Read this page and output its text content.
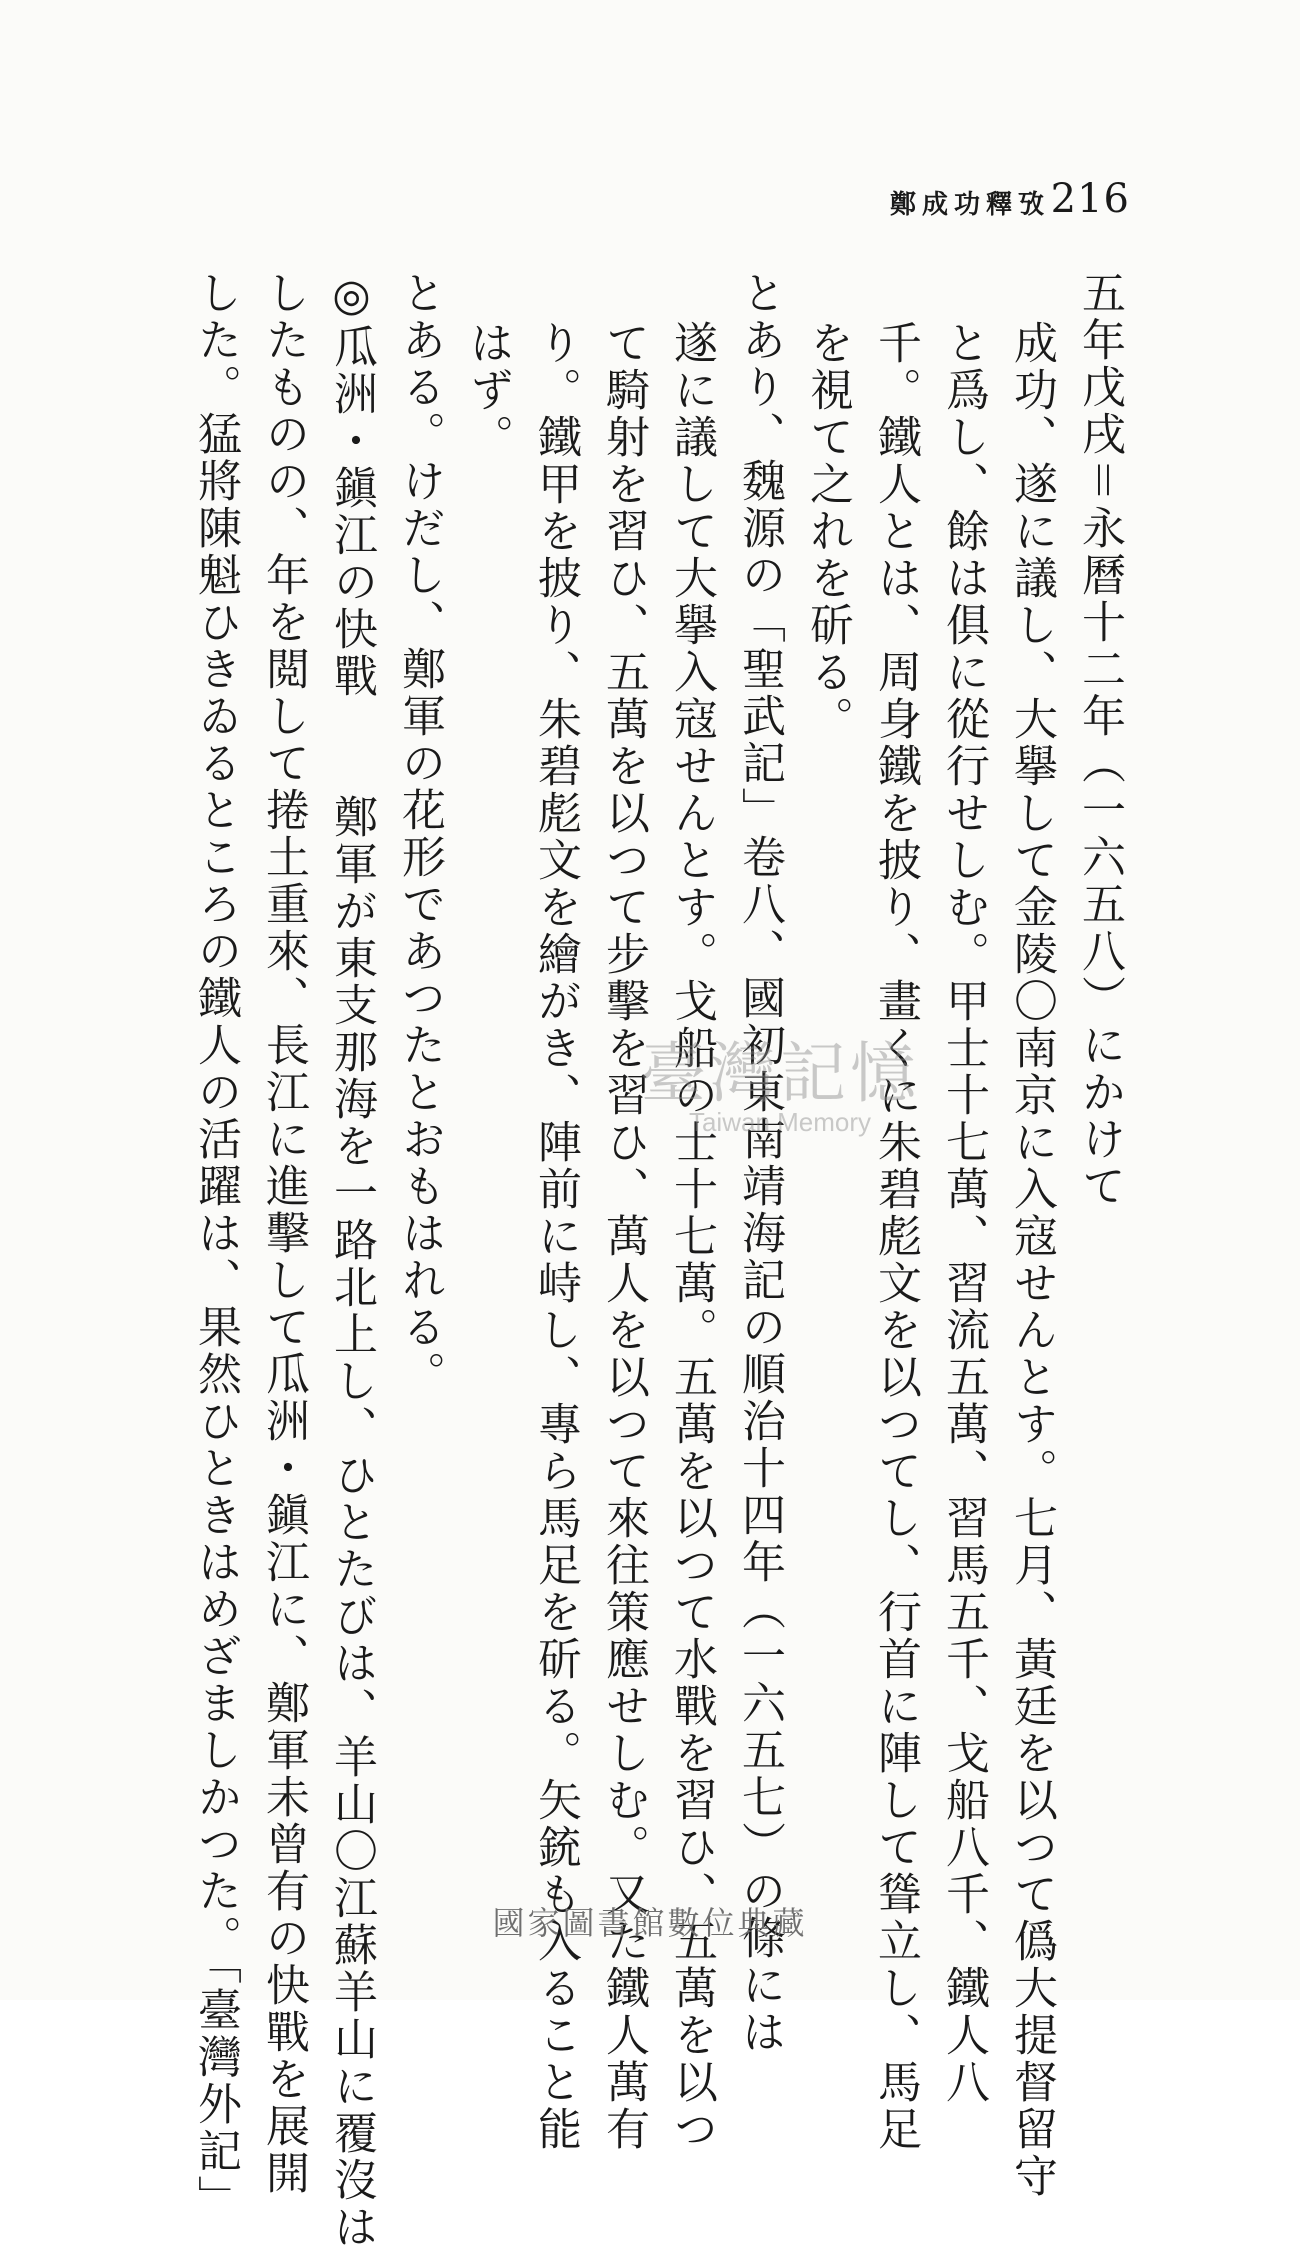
216
鄭成功釋攷
五年戊戌＝永曆十二年（一六五八）にかけて
成功、遂に議し、大擧して金陵〇南京に入寇せんとす。七月、黃廷を以つて僞大提督留守
と爲し、餘は俱に從行せしむ。甲士十七萬、習流五萬、習馬五千、戈船八千、鐵人八
千。鐵人とは、周身鐵を披り、畫くに朱碧彪文を以つてし、行首に陣して聳立し、馬足
を視て之れを斫る。
とあり、魏源の「聖武記」卷八、國初東南靖海記の順治十四年（一六五七）の條には
遂に議して大擧入寇せんとす。戈船の士十七萬。五萬を以つて水戰を習ひ、五萬を以つ
て騎射を習ひ、五萬を以つて步擊を習ひ、萬人を以つて來往策應せしむ。又た鐵人萬有
り。鐵甲を披り、朱碧彪文を繪がき、陣前に峙し、專ら馬足を斫る。矢銃も入ること能
はず。
とある。けだし、鄭軍の花形であつたとおもはれる。
◎瓜洲・鎭江の快戰　　鄭軍が東支那海を一路北上し、ひとたびは、羊山〇江蘇羊山に覆沒は
したものの、年を閲して捲土重來、長江に進擊して瓜洲・鎭江に、鄭軍未曾有の快戰を展開
した。猛將陳魁ひきゐるところの鐵人の活躍は、果然ひときはめざましかつた。「臺灣外記」	臺灣記憶
Taiwan Memory
國家圖書館數位典藏
